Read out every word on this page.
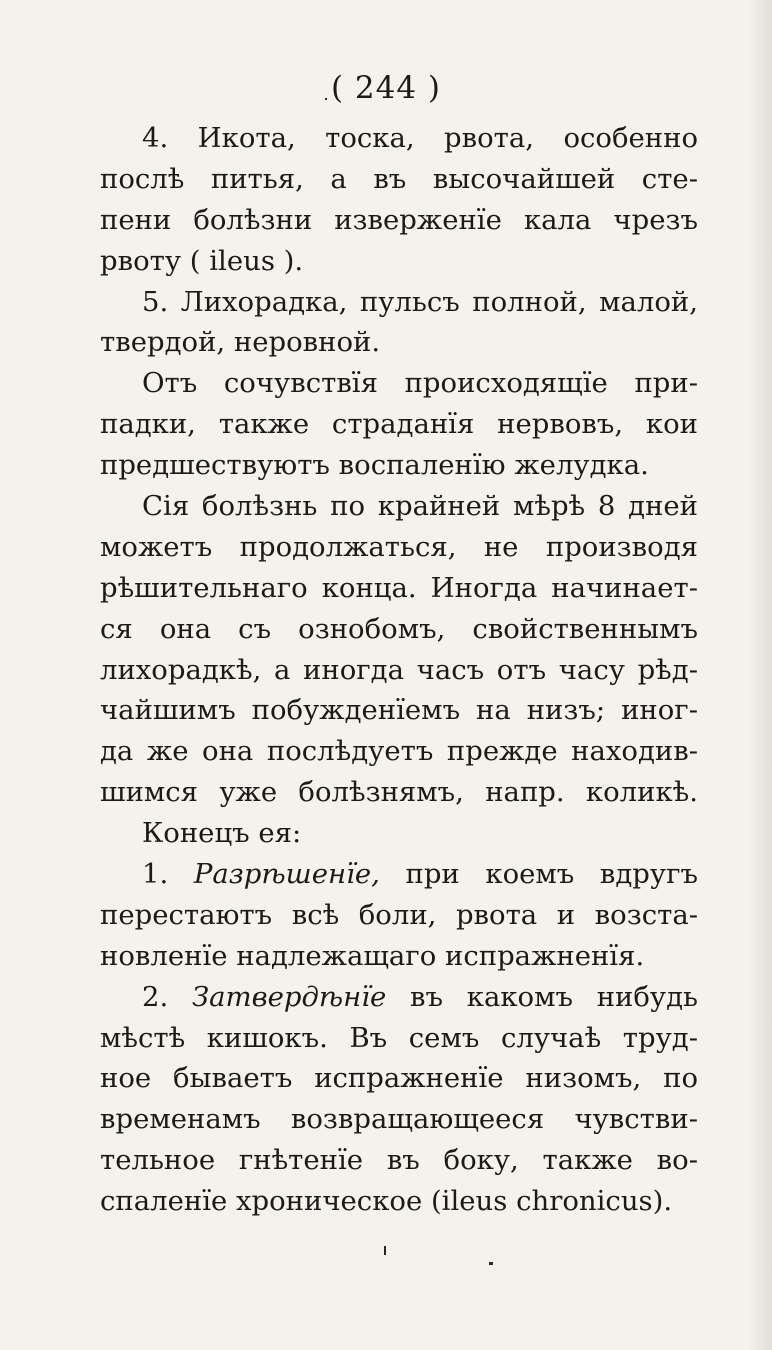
( 244 )
4. Икота, тоска, рвота, особенно
послѣ питья, а въ высочайшей сте-
пени болѣзни изверженїе кала чрезъ
рвоту ( ileus ).
5. Лихорадка, пульсъ полной, малой,
твердой, неровной.
Отъ сочувствїя происходящїе при-
падки, также страданїя нервовъ, кои
предшествуютъ воспаленїю желудка.
Сiя болѣзнь по крайней мѣрѣ 8 дней
можетъ продолжаться, не производя
рѣшительнаго конца. Иногда начинает-
ся она съ ознобомъ, свойственнымъ
лихорадкѣ, а иногда часъ отъ часу рѣд-
чайшимъ побужденїемъ на низъ; иног-
да же она послѣдуетъ прежде находив-
шимся уже болѣзнямъ, напр. коликѣ.
Конецъ ея:
1. Разрѣшенїе, при коемъ вдругъ
перестаютъ всѣ боли, рвота и возста-
новленїе надлежащаго испражненїя.
2. Затвердѣнїе въ какомъ нибудь
мѣстѣ кишокъ. Въ семъ случаѣ труд-
ное бываетъ испражненїе низомъ, по
временамъ возвращающееся чувстви-
тельное гнѣтенїе въ боку, также во-
спаленїе хроническое (ileus chronicus).
